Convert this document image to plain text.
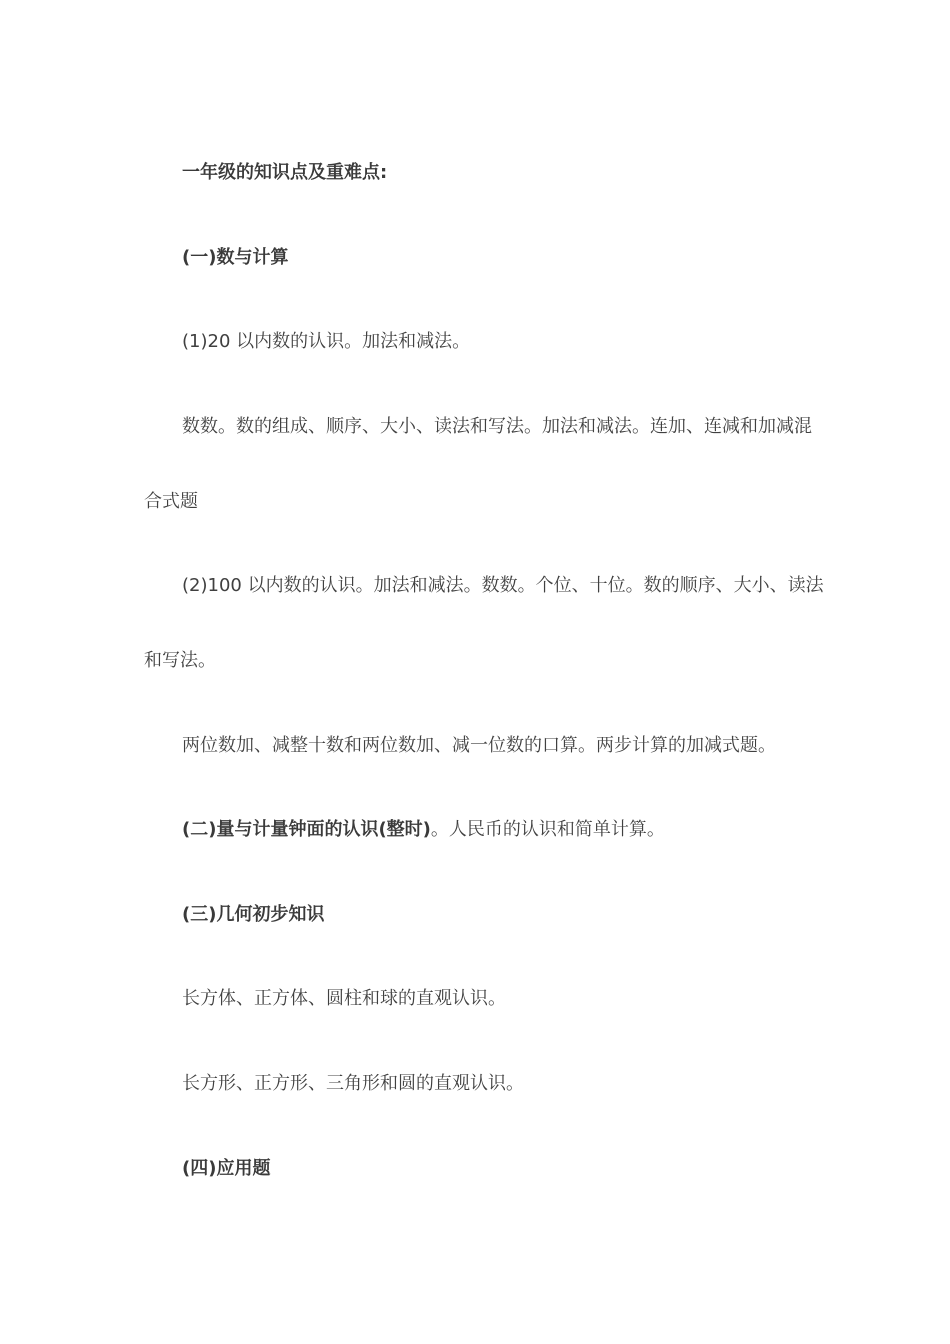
一年级的知识点及重难点:
(一)数与计算
(1)20 以内数的认识。加法和减法。
数数。数的组成、顺序、大小、读法和写法。加法和减法。连加、连减和加减混
合式题
(2)100 以内数的认识。加法和减法。数数。个位、十位。数的顺序、大小、读法
和写法。
两位数加、减整十数和两位数加、减一位数的口算。两步计算的加减式题。
(二)量与计量钟面的认识(整时)。人民币的认识和简单计算。
(三)几何初步知识
长方体、正方体、圆柱和球的直观认识。
长方形、正方形、三角形和圆的直观认识。
(四)应用题
